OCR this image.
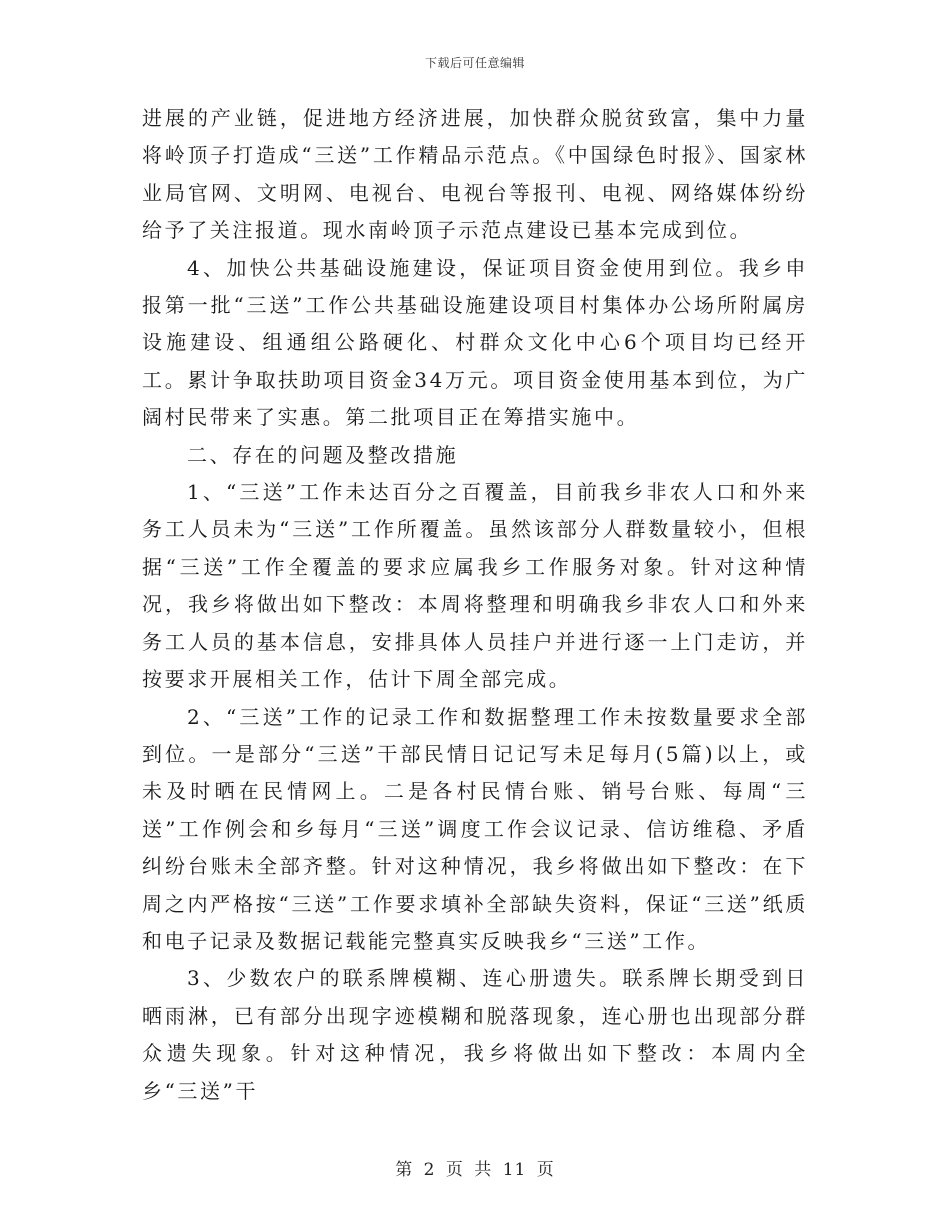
下载后可任意编辑

进展的产业链，促进地方经济进展，加快群众脱贫致富，集中力量将岭顶子打造成“三送”工作精品示范点。《中国绿色时报》、国家林业局官网、文明网、电视台、电视台等报刊、电视、网络媒体纷纷给予了关注报道。现水南岭顶子示范点建设已基本完成到位。

4、加快公共基础设施建设，保证项目资金使用到位。我乡申报第一批“三送”工作公共基础设施建设项目村集体办公场所附属房设施建设、组通组公路硬化、村群众文化中心6个项目均已经开工。累计争取扶助项目资金34万元。项目资金使用基本到位，为广阔村民带来了实惠。第二批项目正在筹措实施中。

二、存在的问题及整改措施

1、“三送”工作未达百分之百覆盖，目前我乡非农人口和外来务工人员未为“三送”工作所覆盖。虽然该部分人群数量较小，但根据“三送”工作全覆盖的要求应属我乡工作服务对象。针对这种情况，我乡将做出如下整改：本周将整理和明确我乡非农人口和外来务工人员的基本信息，安排具体人员挂户并进行逐一上门走访，并按要求开展相关工作，估计下周全部完成。

2、“三送”工作的记录工作和数据整理工作未按数量要求全部到位。一是部分“三送”干部民情日记记写未足每月(5篇)以上，或未及时晒在民情网上。二是各村民情台账、销号台账、每周“三送”工作例会和乡每月“三送”调度工作会议记录、信访维稳、矛盾纠纷台账未全部齐整。针对这种情况，我乡将做出如下整改：在下周之内严格按“三送”工作要求填补全部缺失资料，保证“三送”纸质和电子记录及数据记载能完整真实反映我乡“三送”工作。

3、少数农户的联系牌模糊、连心册遗失。联系牌长期受到日晒雨淋，已有部分出现字迹模糊和脱落现象，连心册也出现部分群众遗失现象。针对这种情况，我乡将做出如下整改：本周内全乡“三送”干

第 2 页 共 11 页
